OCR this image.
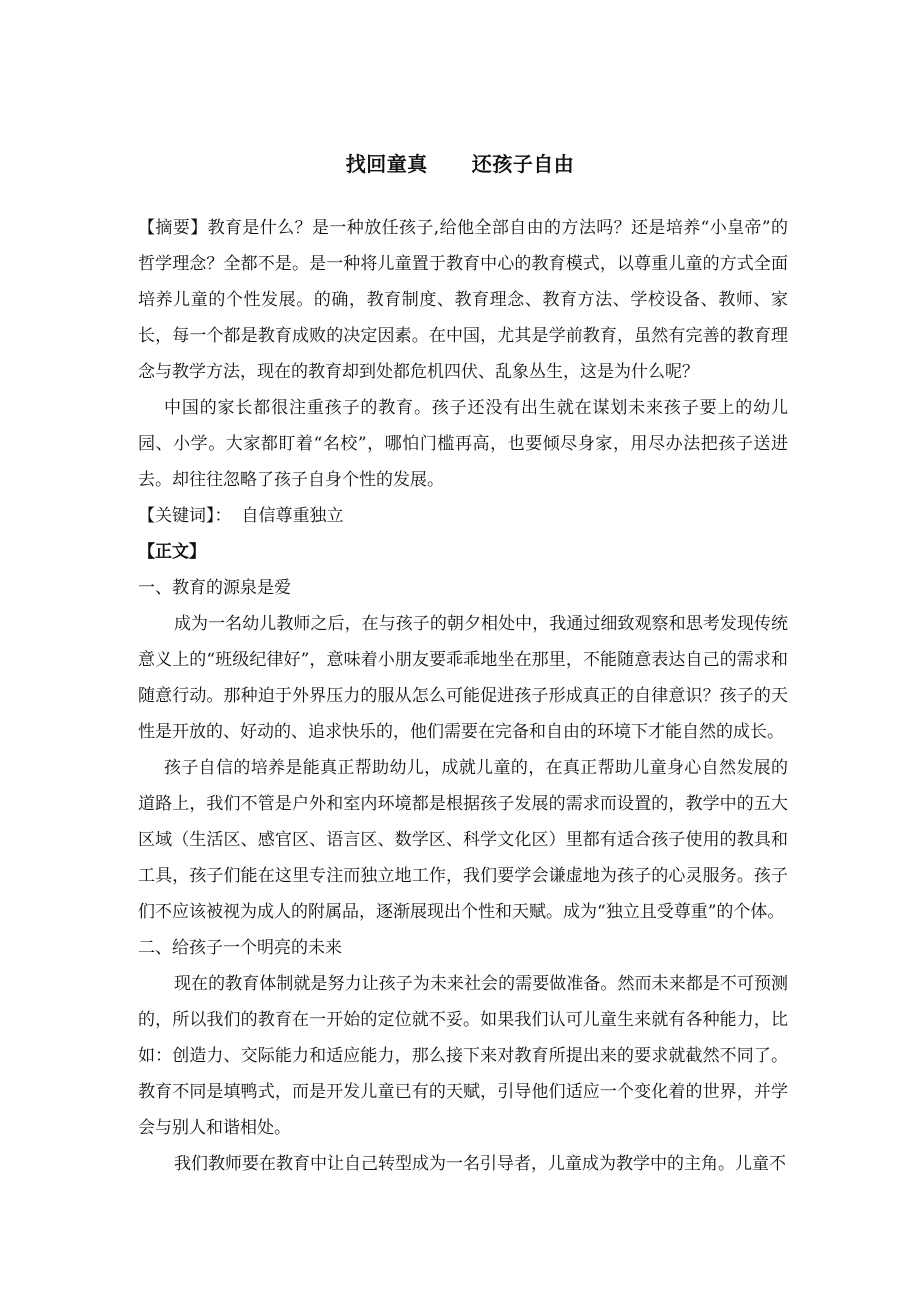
找回童真 还孩子自由

【摘要】教育是什么？是一种放任孩子,给他全部自由的方法吗？还是培养“小皇帝”的哲学理念？全都不是。是一种将儿童置于教育中心的教育模式，以尊重儿童的方式全面培养儿童的个性发展。的确，教育制度、教育理念、教育方法、学校设备、教师、家长，每一个都是教育成败的决定因素。在中国，尤其是学前教育，虽然有完善的教育理念与教学方法，现在的教育却到处都危机四伏、乱象丛生，这是为什么呢？

中国的家长都很注重孩子的教育。孩子还没有出生就在谋划未来孩子要上的幼儿园、小学。大家都盯着“名校”，哪怕门槛再高，也要倾尽身家，用尽办法把孩子送进去。却往往忽略了孩子自身个性的发展。

【关键词】： 自信尊重独立

【正文】

一、教育的源泉是爱

成为一名幼儿教师之后，在与孩子的朝夕相处中，我通过细致观察和思考发现传统意义上的“班级纪律好”，意味着小朋友要乖乖地坐在那里，不能随意表达自己的需求和随意行动。那种迫于外界压力的服从怎么可能促进孩子形成真正的自律意识？孩子的天性是开放的、好动的、追求快乐的，他们需要在完备和自由的环境下才能自然的成长。

孩子自信的培养是能真正帮助幼儿，成就儿童的，在真正帮助儿童身心自然发展的道路上，我们不管是户外和室内环境都是根据孩子发展的需求而设置的，教学中的五大区域（生活区、感官区、语言区、数学区、科学文化区）里都有适合孩子使用的教具和工具，孩子们能在这里专注而独立地工作，我们要学会谦虚地为孩子的心灵服务。孩子们不应该被视为成人的附属品，逐渐展现出个性和天赋。成为“独立且受尊重”的个体。

二、给孩子一个明亮的未来

现在的教育体制就是努力让孩子为未来社会的需要做准备。然而未来都是不可预测的，所以我们的教育在一开始的定位就不妥。如果我们认可儿童生来就有各种能力，比如：创造力、交际能力和适应能力，那么接下来对教育所提出来的要求就截然不同了。教育不同是填鸭式，而是开发儿童已有的天赋，引导他们适应一个变化着的世界，并学会与别人和谐相处。

我们教师要在教育中让自己转型成为一名引导者，儿童成为教学中的主角。儿童不
